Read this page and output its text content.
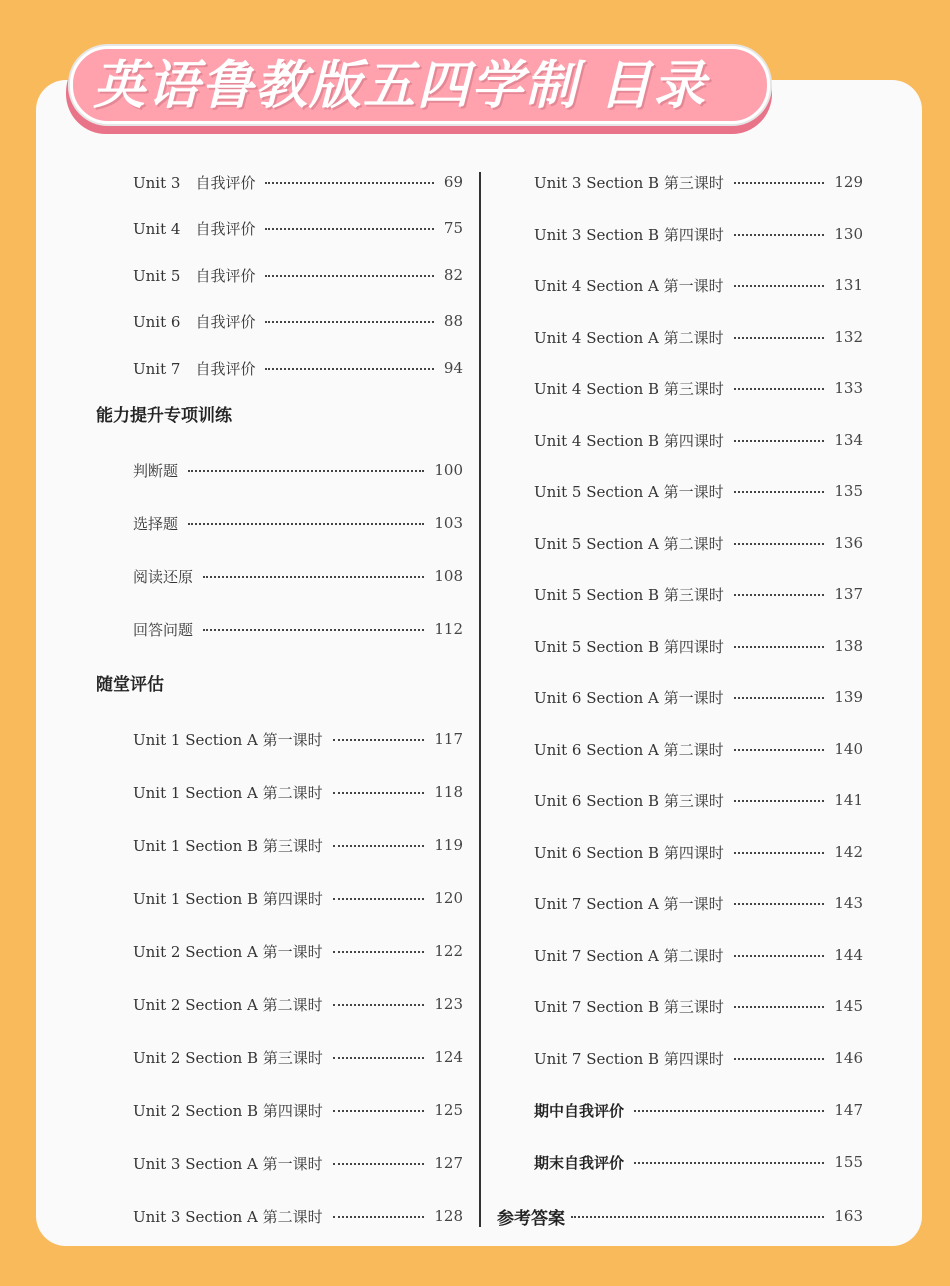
英语鲁教版五四学制 目录
Unit 3　自我评价	69
Unit 4　自我评价	75
Unit 5　自我评价	82
Unit 6　自我评价	88
Unit 7　自我评价	94
能力提升专项训练
判断题	100
选择题	103
阅读还原	108
回答问题	112
随堂评估
Unit 1 Section A 第一课时	117
Unit 1 Section A 第二课时	118
Unit 1 Section B 第三课时	119
Unit 1 Section B 第四课时	120
Unit 2 Section A 第一课时	122
Unit 2 Section A 第二课时	123
Unit 2 Section B 第三课时	124
Unit 2 Section B 第四课时	125
Unit 3 Section A 第一课时	127
Unit 3 Section A 第二课时	128
Unit 3 Section B 第三课时	129
Unit 3 Section B 第四课时	130
Unit 4 Section A 第一课时	131
Unit 4 Section A 第二课时	132
Unit 4 Section B 第三课时	133
Unit 4 Section B 第四课时	134
Unit 5 Section A 第一课时	135
Unit 5 Section A 第二课时	136
Unit 5 Section B 第三课时	137
Unit 5 Section B 第四课时	138
Unit 6 Section A 第一课时	139
Unit 6 Section A 第二课时	140
Unit 6 Section B 第三课时	141
Unit 6 Section B 第四课时	142
Unit 7 Section A 第一课时	143
Unit 7 Section A 第二课时	144
Unit 7 Section B 第三课时	145
Unit 7 Section B 第四课时	146
期中自我评价	147
期末自我评价	155
参考答案	163
